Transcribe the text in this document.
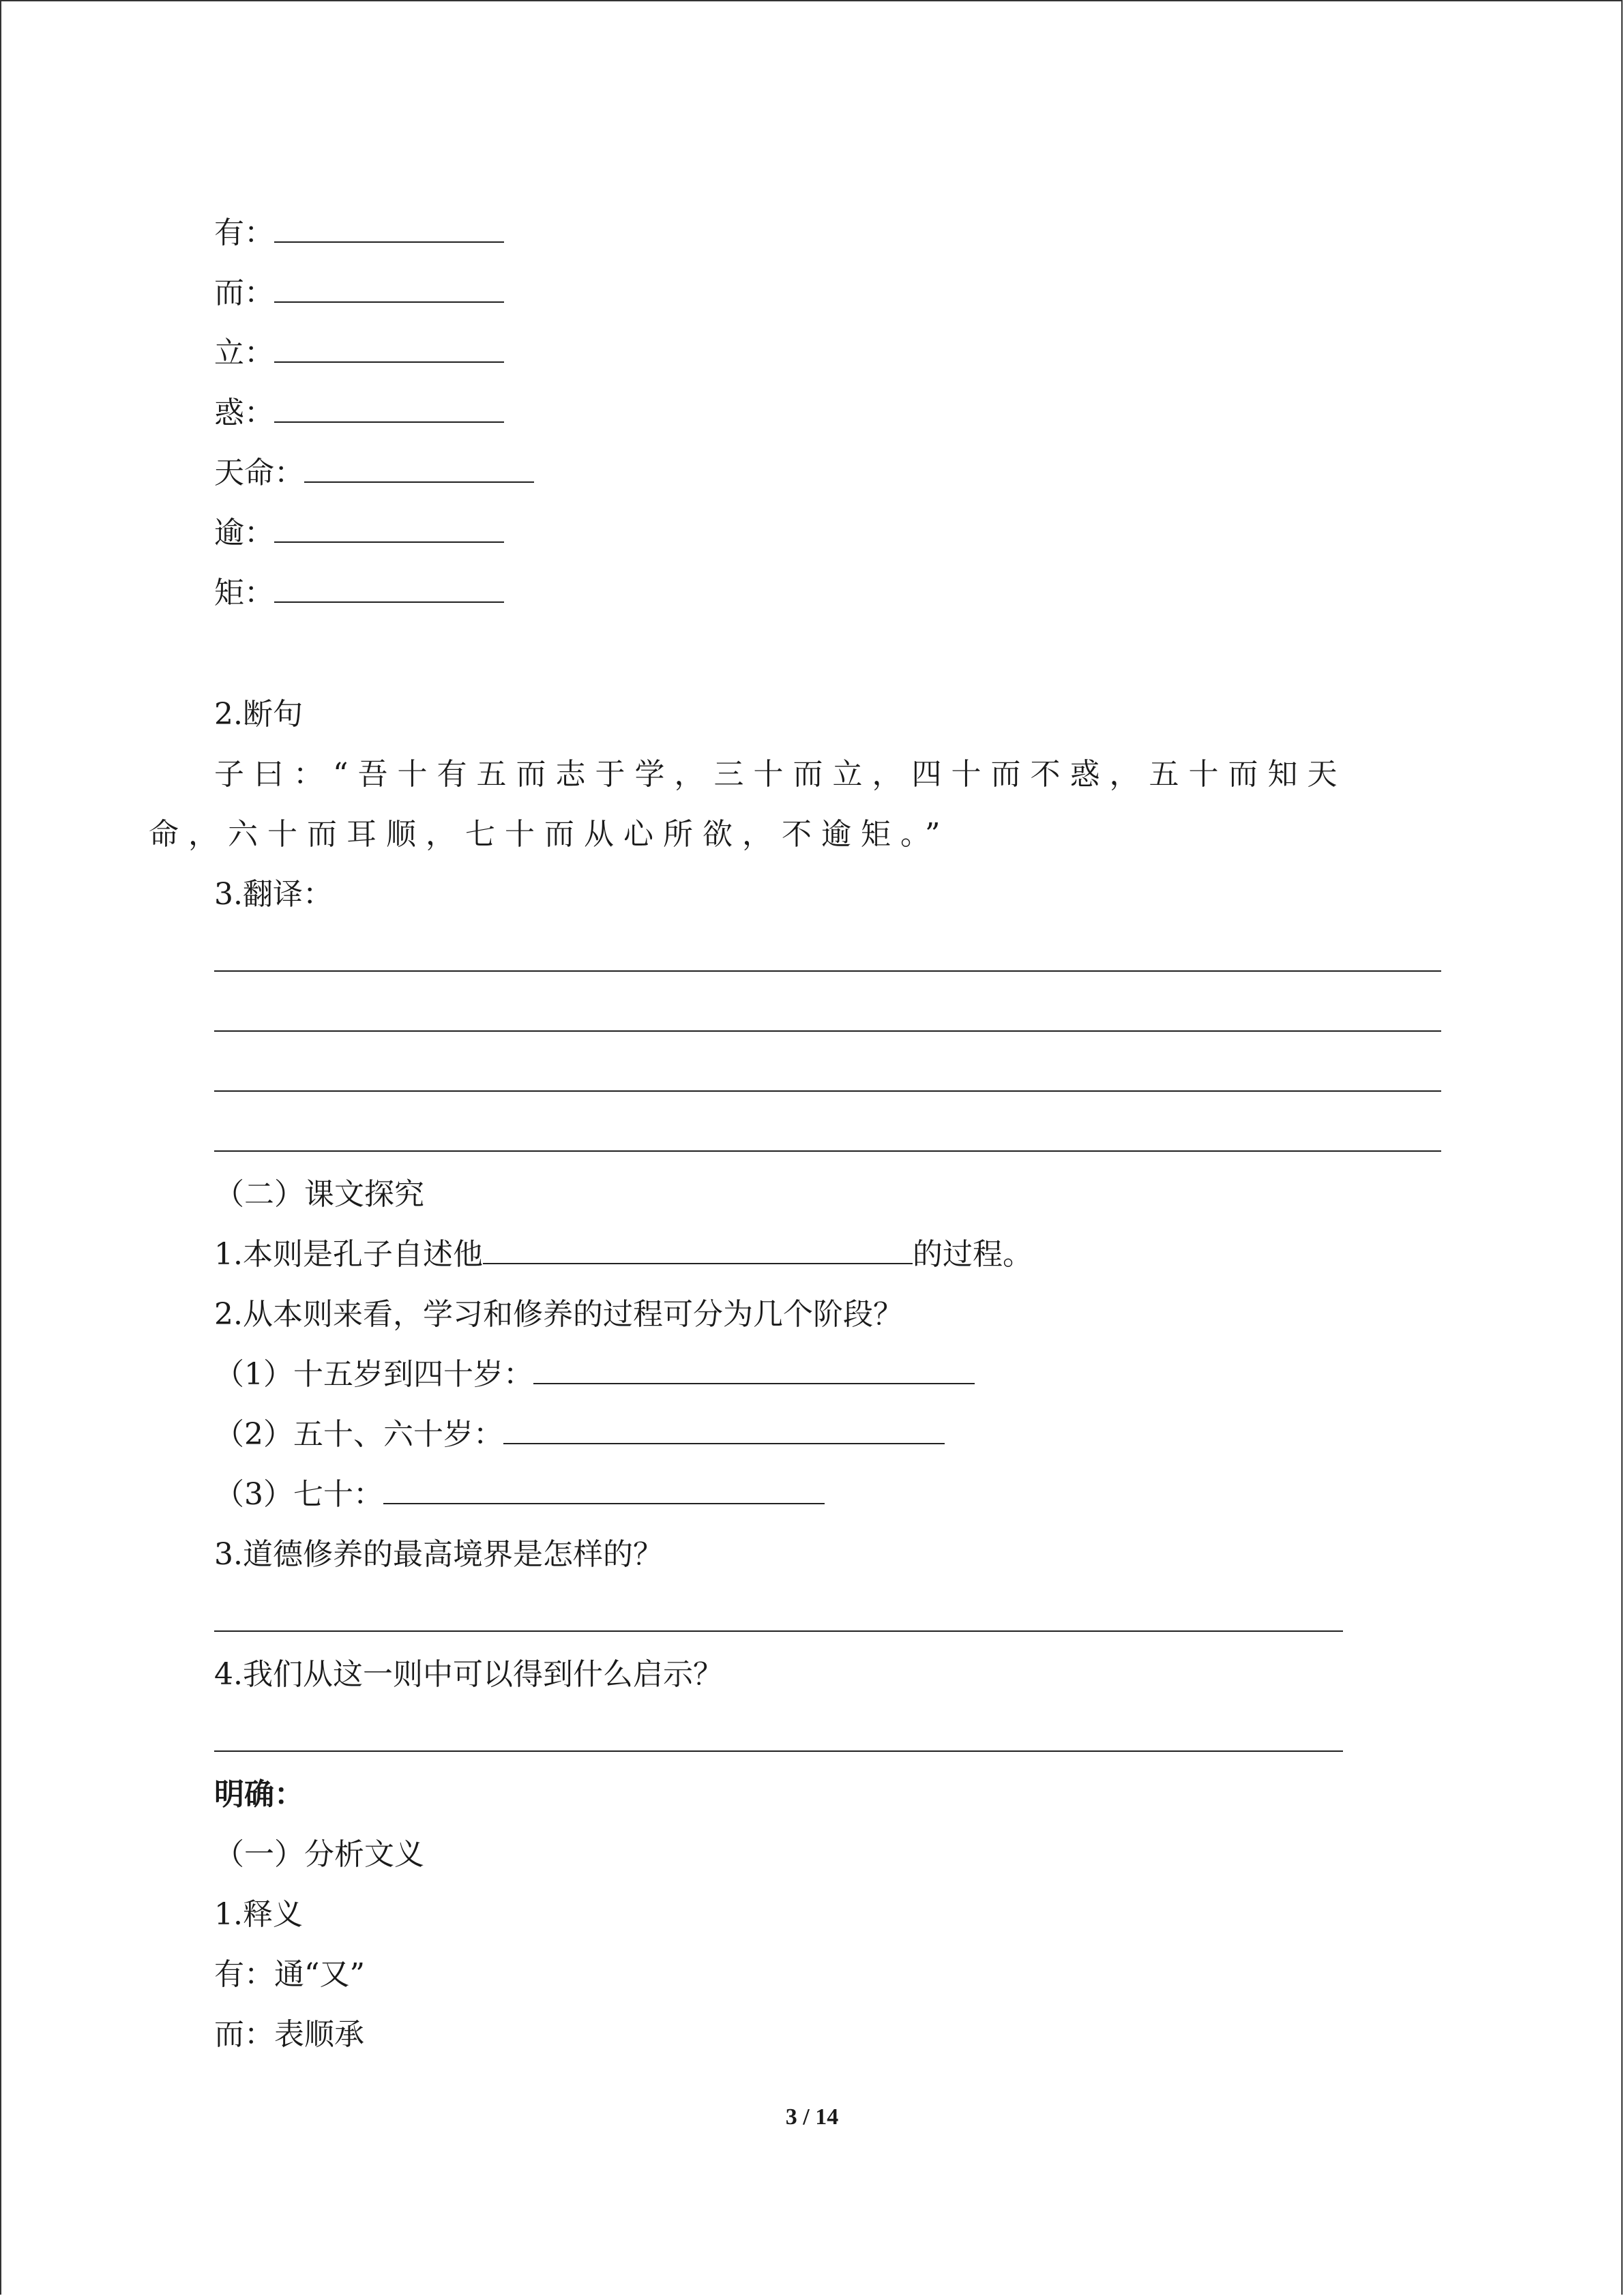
有：
而：
立：
惑：
天命：
逾：
矩：
2.断句
子曰：“吾十有五而志于学，三十而立，四十而不惑，五十而知天
命，六十而耳顺，七十而从心所欲，不逾矩。”
3.翻译：
（二）课文探究
1.本则是孔子自述他	的过程。
2.从本则来看，学习和修养的过程可分为几个阶段？
（1）十五岁到四十岁：
（2）五十、六十岁：
（3）七十：
3.道德修养的最高境界是怎样的？
4.我们从这一则中可以得到什么启示？
明确：
（一）分析文义
1.释义
有：通“又”
而：表顺承
3 / 14
